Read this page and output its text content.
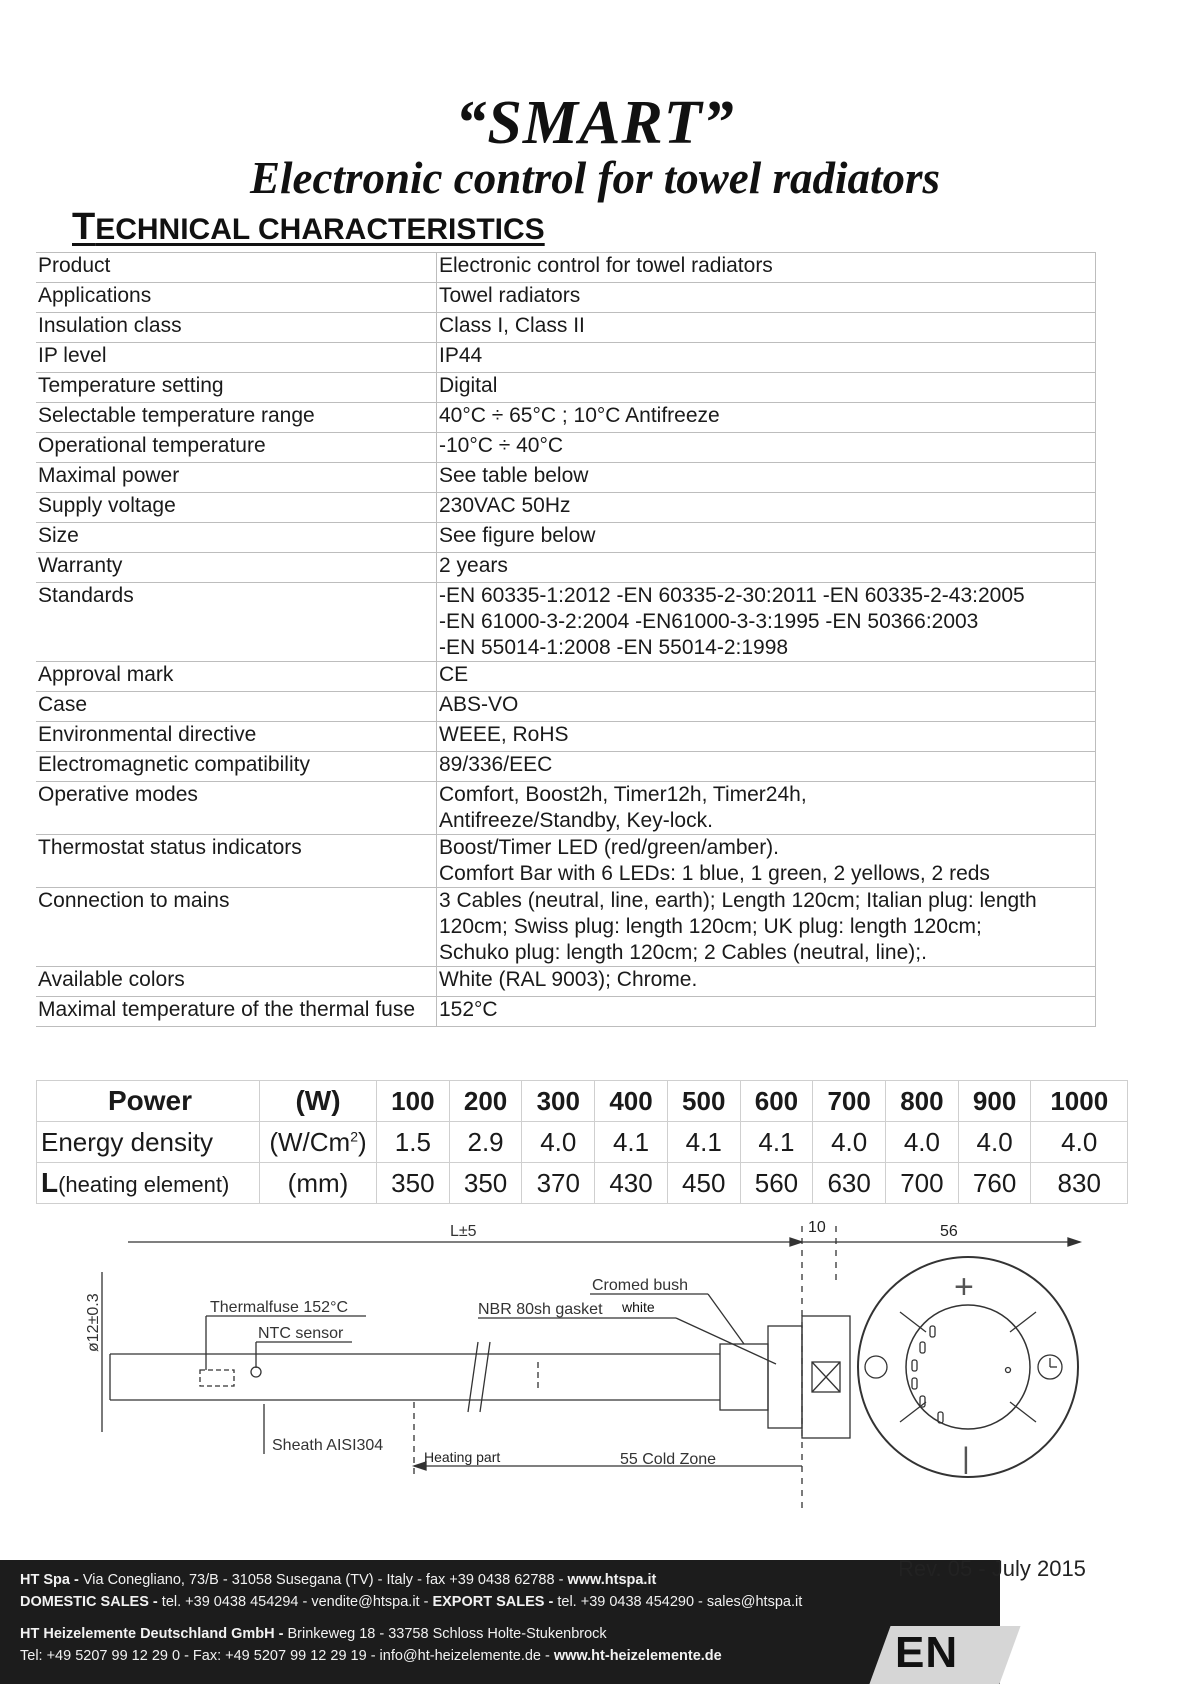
“SMART”
Electronic control for towel radiators
TECHNICAL CHARACTERISTICS
Product	Electronic control for towel radiators
Applications	Towel radiators
Insulation class	Class I, Class II
IP level	IP44
Temperature setting	Digital
Selectable temperature range	40°C ÷ 65°C ; 10°C Antifreeze
Operational temperature	-10°C ÷ 40°C
Maximal power	See table below
Supply voltage	230VAC 50Hz
Size	See figure below
Warranty	2 years
Standards	-EN 60335-1:2012 -EN 60335-2-30:2011 -EN 60335-2-43:2005
-EN 61000-3-2:2004 -EN61000-3-3:1995 -EN 50366:2003
-EN 55014-1:2008 -EN 55014-2:1998
Approval mark	CE
Case	ABS-VO
Environmental directive	WEEE, RoHS
Electromagnetic compatibility	89/336/EEC
Operative modes	Comfort, Boost2h, Timer12h, Timer24h,
Antifreeze/Standby, Key-lock.
Thermostat status indicators	Boost/Timer LED (red/green/amber).
Comfort Bar with 6 LEDs: 1 blue, 1 green, 2 yellows, 2 reds
Connection to mains	3 Cables (neutral, line, earth); Length 120cm; Italian plug: length
120cm; Swiss plug: length 120cm; UK plug: length 120cm;
Schuko plug: length 120cm; 2 Cables (neutral, line);.
Available colors	White (RAL 9003); Chrome.
Maximal temperature of the thermal fuse	152°C
Power	(W)	100	200	300	400	500	600	700	800	900	1000
Energy density	(W/Cm$^2$)	1.5	2.9	4.0	4.1	4.1	4.1	4.0	4.0	4.0	4.0
L(heating element)	(mm)	350	350	370	430	450	560	630	700	760	830
L±5	10	56
ø12±0.3	Thermalfuse 152°C
NTC sensor
Sheath AISI304
Cromed bush
NBR 80sh gasket white
Heating part	55 Cold Zone
+
|
HT Spa - Via Conegliano, 73/B - 31058 Susegana (TV) - Italy - fax +39 0438 62788 - www.htspa.it
DOMESTIC SALES - tel. +39 0438 454294 - vendite@htspa.it - EXPORT SALES - tel. +39 0438 454290 - sales@htspa.it
HT Heizelemente Deutschland GmbH - Brinkeweg 18 - 33758 Schloss Holte-Stukenbrock
Tel: +49 5207 99 12 29 0 - Fax: +49 5207 99 12 29 19 - info@ht-heizelemente.de - www.ht-heizelemente.de
Rev. 05 - July 2015
EN
